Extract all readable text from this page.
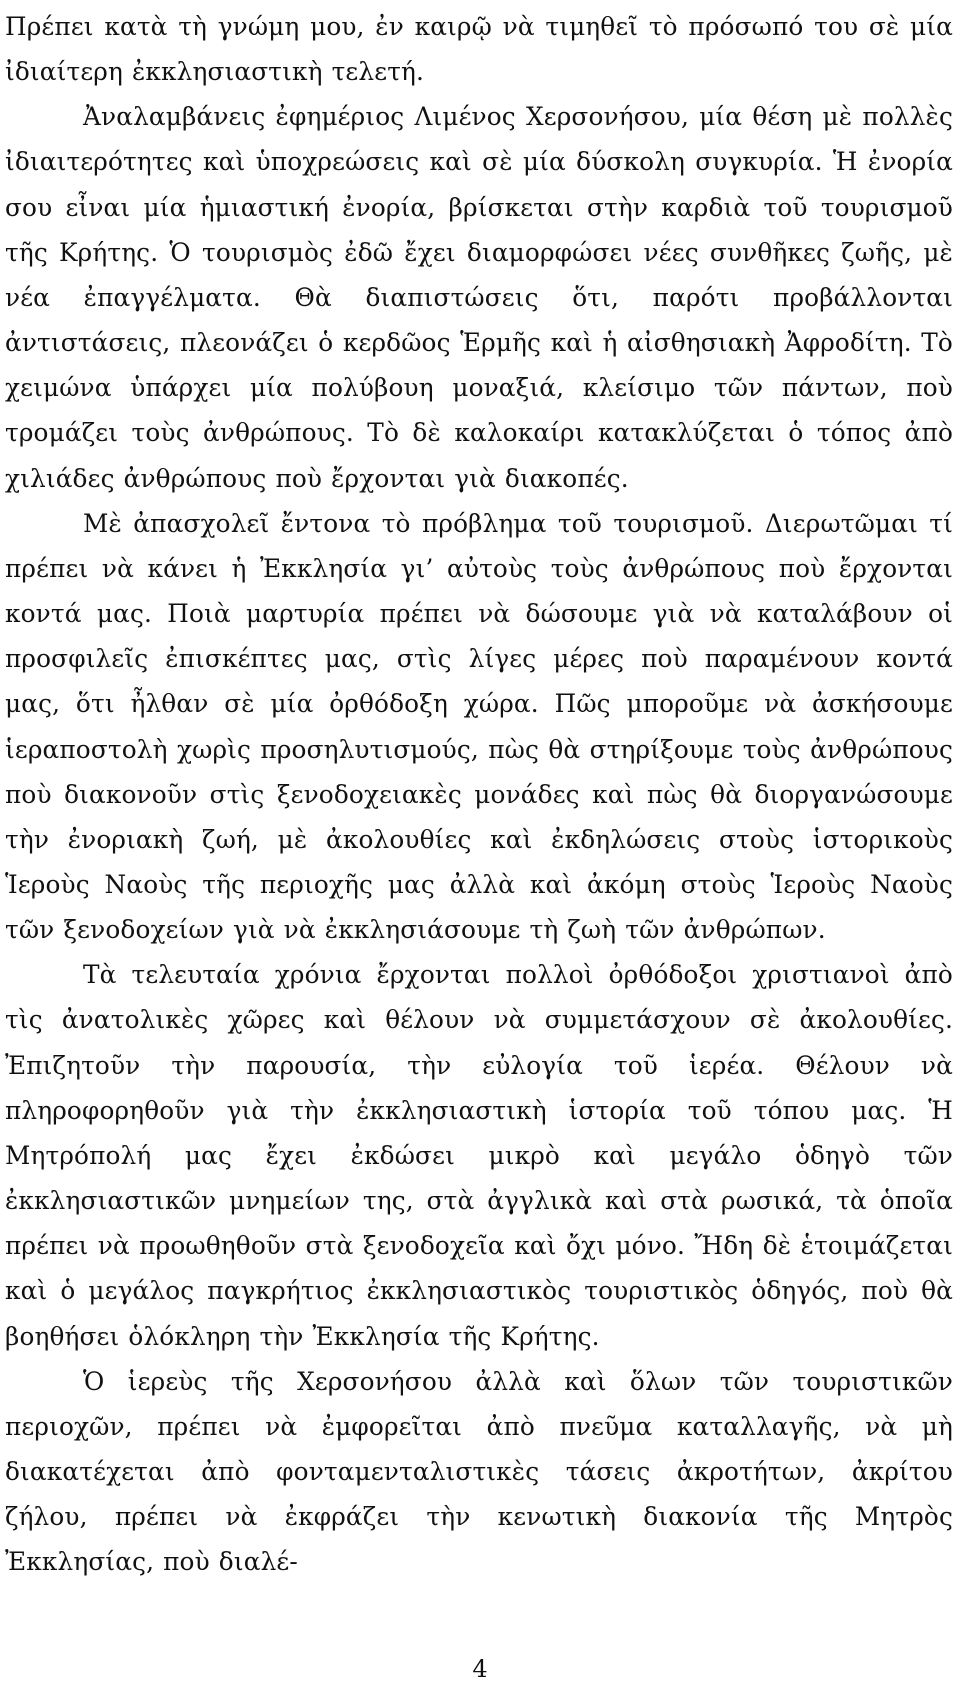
Πρέπει κατὰ τὴ γνώμη μου, ἐν καιρῷ νὰ τιμηθεῖ τὸ πρόσωπό του σὲ μία ἰδιαίτερη ἐκκλησιαστικὴ τελετή.

Ἀναλαμβάνεις ἐφημέριος Λιμένος Χερσονήσου, μία θέση μὲ πολλὲς ἰδιαιτερότητες καὶ ὑποχρεώσεις καὶ σὲ μία δύσκολη συγκυρία. Ἡ ἐνορία σου εἶναι μία ἡμιαστική ἐνορία, βρίσκεται στὴν καρδιὰ τοῦ τουρισμοῦ τῆς Κρήτης. Ὁ τουρισμὸς ἐδῶ ἔχει διαμορφώσει νέες συνθῆκες ζωῆς, μὲ νέα ἐπαγγέλματα. Θὰ διαπιστώσεις ὅτι, παρότι προβάλλονται ἀντιστάσεις, πλεονάζει ὁ κερδῶος Ἑρμῆς καὶ ἡ αἰσθησιακὴ Ἀφροδίτη. Τὸ χειμώνα ὑπάρχει μία πολύβουη μοναξιά, κλείσιμο τῶν πάντων, ποὺ τρομάζει τοὺς ἀνθρώπους. Τὸ δὲ καλοκαίρι κατακλύζεται ὁ τόπος ἀπὸ χιλιάδες ἀνθρώπους ποὺ ἔρχονται γιὰ διακοπές.

Μὲ ἀπασχολεῖ ἔντονα τὸ πρόβλημα τοῦ τουρισμοῦ. Διερωτῶμαι τί πρέπει νὰ κάνει ἡ Ἐκκλησία γι’ αὐτοὺς τοὺς ἀνθρώπους ποὺ ἔρχονται κοντά μας. Ποιὰ μαρτυρία πρέπει νὰ δώσουμε γιὰ νὰ καταλάβουν οἱ προσφιλεῖς ἐπισκέπτες μας, στὶς λίγες μέρες ποὺ παραμένουν κοντά μας, ὅτι ἦλθαν σὲ μία ὀρθόδοξη χώρα. Πῶς μποροῦμε νὰ ἀσκήσουμε ἱεραποστολὴ χωρὶς προσηλυτισμούς, πὼς θὰ στηρίξουμε τοὺς ἀνθρώπους ποὺ διακονοῦν στὶς ξενοδοχειακὲς μονάδες καὶ πὼς θὰ διοργανώσουμε τὴν ἐνοριακὴ ζωή, μὲ ἀκολουθίες καὶ ἐκδηλώσεις στοὺς ἱστορικοὺς Ἱεροὺς Ναοὺς τῆς περιοχῆς μας ἀλλὰ καὶ ἀκόμη στοὺς Ἱεροὺς Ναοὺς τῶν ξενοδοχείων γιὰ νὰ ἐκκλησιάσουμε τὴ ζωὴ τῶν ἀνθρώπων.

Τὰ τελευταία χρόνια ἔρχονται πολλοὶ ὀρθόδοξοι χριστιανοὶ ἀπὸ τὶς ἀνατολικὲς χῶρες καὶ θέλουν νὰ συμμετάσχουν σὲ ἀκολουθίες. Ἐπιζητοῦν τὴν παρουσία, τὴν εὐλογία τοῦ ἱερέα. Θέλουν νὰ πληροφορηθοῦν γιὰ τὴν ἐκκλησιαστικὴ ἱστορία τοῦ τόπου μας. Ἡ Μητρόπολή μας ἔχει ἐκδώσει μικρὸ καὶ μεγάλο ὁδηγὸ τῶν ἐκκλησιαστικῶν μνημείων της, στὰ ἀγγλικὰ καὶ στὰ ρωσικά, τὰ ὁποῖα πρέπει νὰ προωθηθοῦν στὰ ξενοδοχεῖα καὶ ὄχι μόνο. Ἤδη δὲ ἑτοιμάζεται καὶ ὁ μεγάλος παγκρήτιος ἐκκλησιαστικὸς τουριστικὸς ὁδηγός, ποὺ θὰ βοηθήσει ὁλόκληρη τὴν Ἐκκλησία τῆς Κρήτης.

Ὁ ἱερεὺς τῆς Χερσονήσου ἀλλὰ καὶ ὅλων τῶν τουριστικῶν περιοχῶν, πρέπει νὰ ἐμφορεῖται ἀπὸ πνεῦμα καταλλαγῆς, νὰ μὴ διακατέχεται ἀπὸ φονταμενταλιστικὲς τάσεις ἀκροτήτων, ἀκρίτου ζήλου, πρέπει νὰ ἐκφράζει τὴν κενωτικὴ διακονία τῆς Μητρὸς Ἐκκλησίας, ποὺ διαλέ-

4
